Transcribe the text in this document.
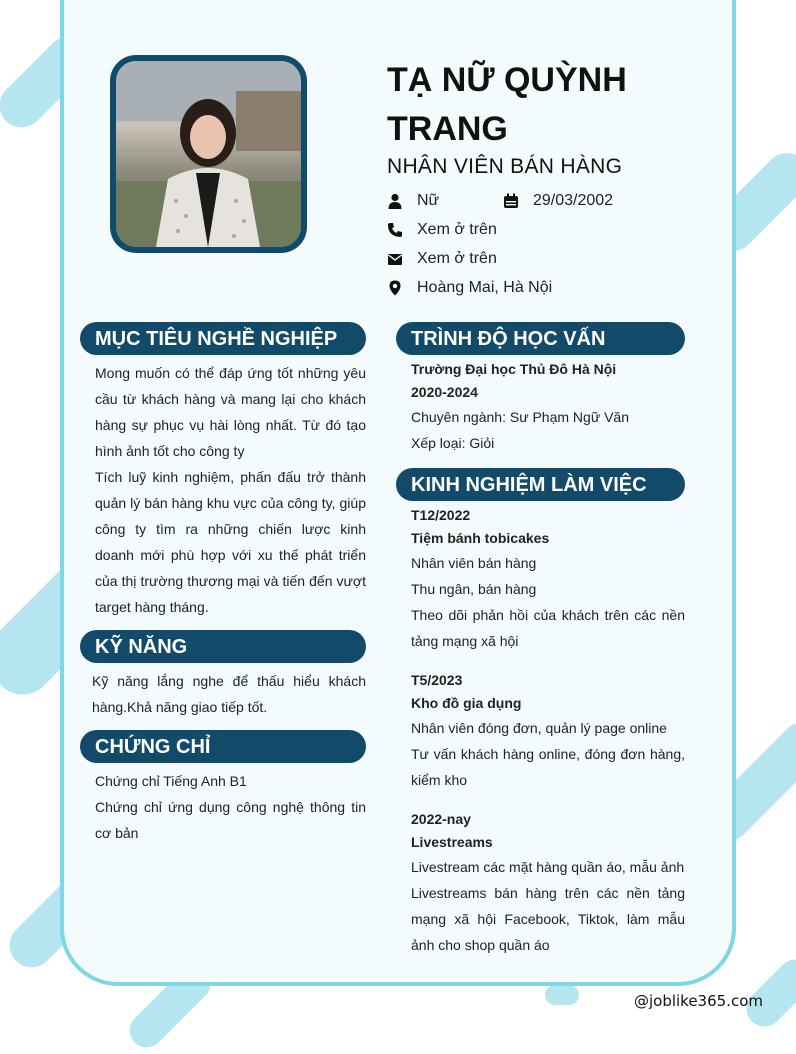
TẠ NỮ QUỲNH TRANG
NHÂN VIÊN BÁN HÀNG
Nữ	29/03/2002
Xem ở trên
Xem ở trên
Hoàng Mai, Hà Nội
MỤC TIÊU NGHỀ NGHIỆP

Mong muốn có thể đáp ứng tốt những yêu cầu từ khách hàng và mang lại cho khách hàng sự phục vụ hài lòng nhất. Từ đó tạo hình ảnh tốt cho công ty

Tích luỹ kinh nghiệm, phấn đấu trở thành quản lý bán hàng khu vực của công ty, giúp công ty tìm ra những chiến lược kinh doanh mới phù hợp với xu thế phát triển của thị trường thương mại và tiến đến vượt target hàng tháng.

KỸ NĂNG
Kỹ năng lắng nghe để thấu hiểu khách hàng.Khả năng giao tiếp tốt.
CHỨNG CHỈ

Chứng chỉ Tiếng Anh B1

Chứng chỉ ứng dụng công nghệ thông tin cơ bản

TRÌNH ĐỘ HỌC VẤN

Trường Đại học Thủ Đô Hà Nội

2020-2024

Chuyên ngành: Sư Phạm Ngữ Văn

Xếp loại: Giỏi

KINH NGHIỆM LÀM VIỆC

T12/2022

Tiệm bánh tobicakes

Nhân viên bán hàng

Thu ngân, bán hàng

Theo dõi phản hồi của khách trên các nền tảng mạng xã hội

T5/2023

Kho đồ gia dụng

Nhân viên đóng đơn, quản lý page online

Tư vấn khách hàng online, đóng đơn hàng, kiểm kho

2022-nay

Livestreams

Livestream các mặt hàng quần áo, mẫu ảnh

Livestreams bán hàng trên các nền tảng mạng xã hội Facebook, Tiktok, làm mẫu ảnh cho shop quần áo

@joblike365.com
